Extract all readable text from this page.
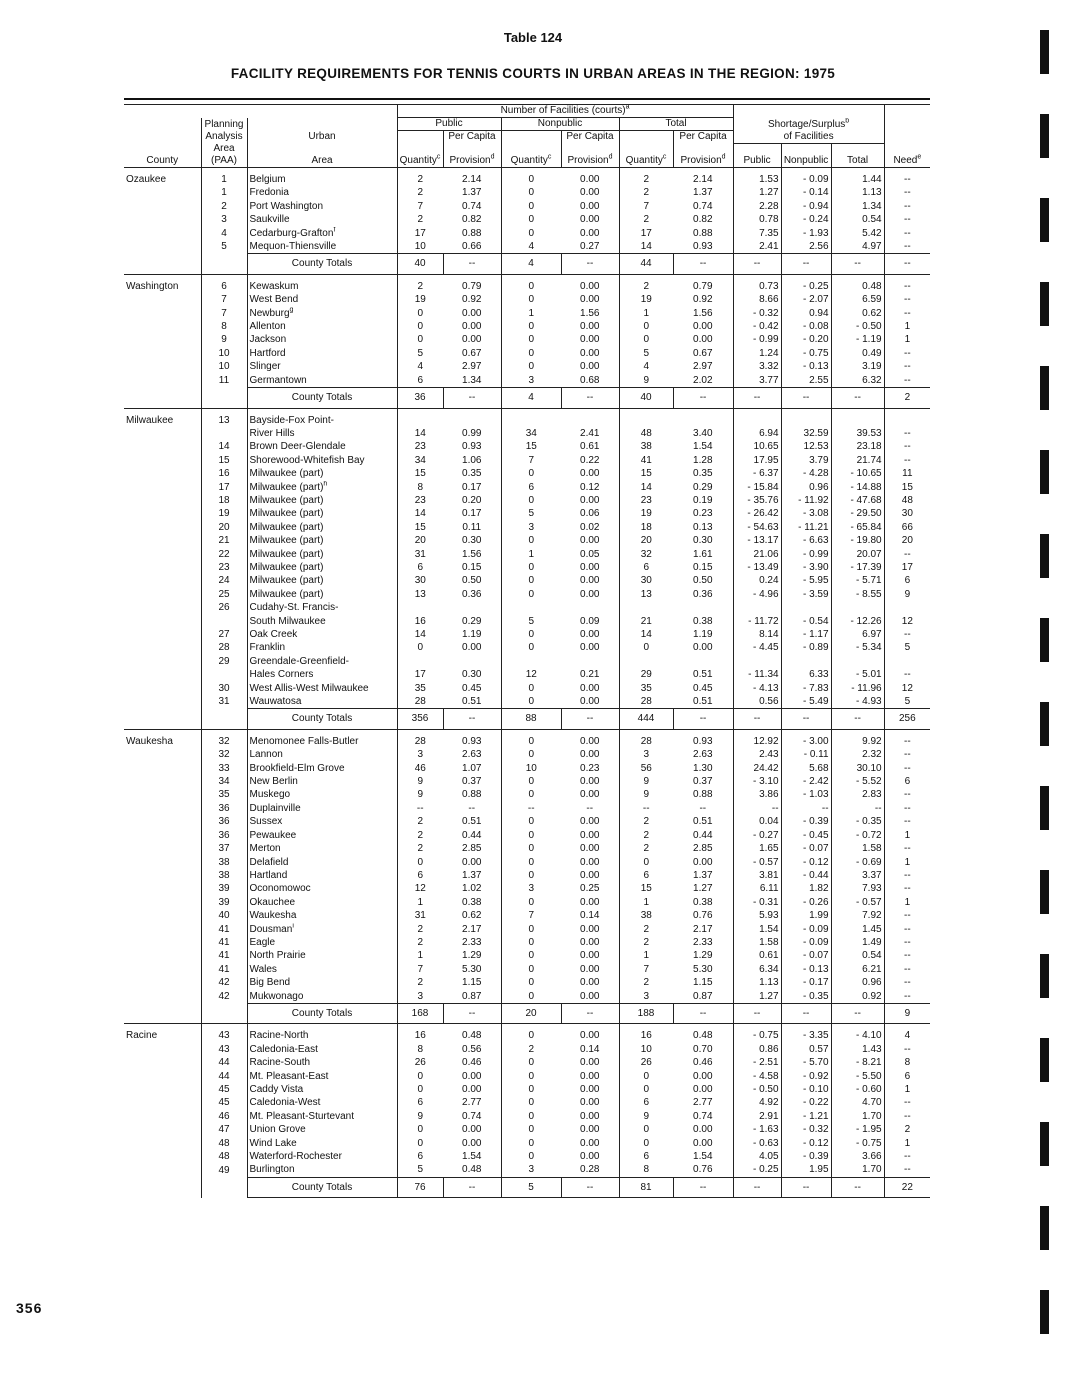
Table 124
FACILITY REQUIREMENTS FOR TENNIS COURTS IN URBAN AREAS IN THE REGION: 1975
			Number of Facilities (courts)$^a$		
	Planning		Public		Nonpublic		Total		Shortage/Surplus$^b$	
	Analysis	Urban		Per Capita		Per Capita		Per Capita	of Facilities			
County	Area
(PAA)	Area	Quantity$^c$	Provision$^d$	Quantity$^c$	Provision$^d$	Quantity$^c$	Provision$^d$	Public	Nonpublic	Total	Need$^e$

Ozaukee	1	Belgium	2	2.14	0	0.00	2	2.14	1.53	- 0.09	1.44	--
	1	Fredonia	2	1.37	0	0.00	2	1.37	1.27	- 0.14	1.13	--
	2	Port Washington	7	0.74	0	0.00	7	0.74	2.28	- 0.94	1.34	--
	3	Saukville	2	0.82	0	0.00	2	0.82	0.78	- 0.24	0.54	--
	4	Cedarburg-Grafton$^f$	17	0.88	0	0.00	17	0.88	7.35	- 1.93	5.42	--
	5	Mequon-Thiensville	10	0.66	4	0.27	14	0.93	2.41	2.56	4.97	--
		County Totals	40	--	4	--	44	--	--	--	--	--

Washington	6	Kewaskum	2	0.79	0	0.00	2	0.79	0.73	- 0.25	0.48	--
	7	West Bend	19	0.92	0	0.00	19	0.92	8.66	- 2.07	6.59	--
	7	Newburg$^g$	0	0.00	1	1.56	1	1.56	- 0.32	0.94	0.62	--
	8	Allenton	0	0.00	0	0.00	0	0.00	- 0.42	- 0.08	- 0.50	1
	9	Jackson	0	0.00	0	0.00	0	0.00	- 0.99	- 0.20	- 1.19	1
	10	Hartford	5	0.67	0	0.00	5	0.67	1.24	- 0.75	0.49	--
	10	Slinger	4	2.97	0	0.00	4	2.97	3.32	- 0.13	3.19	--
	11	Germantown	6	1.34	3	0.68	9	2.02	3.77	2.55	6.32	--
		County Totals	36	--	4	--	40	--	--	--	--	2

Milwaukee	13	Bayside-Fox Point-										
		River Hills	14	0.99	34	2.41	48	3.40	6.94	32.59	39.53	--
	14	Brown Deer-Glendale	23	0.93	15	0.61	38	1.54	10.65	12.53	23.18	--
	15	Shorewood-Whitefish Bay	34	1.06	7	0.22	41	1.28	17.95	3.79	21.74	--
	16	Milwaukee (part)	15	0.35	0	0.00	15	0.35	- 6.37	- 4.28	- 10.65	11
	17	Milwaukee (part)$^h$	8	0.17	6	0.12	14	0.29	- 15.84	0.96	- 14.88	15
	18	Milwaukee (part)	23	0.20	0	0.00	23	0.19	- 35.76	- 11.92	- 47.68	48
	19	Milwaukee (part)	14	0.17	5	0.06	19	0.23	- 26.42	- 3.08	- 29.50	30
	20	Milwaukee (part)	15	0.11	3	0.02	18	0.13	- 54.63	- 11.21	- 65.84	66
	21	Milwaukee (part)	20	0.30	0	0.00	20	0.30	- 13.17	- 6.63	- 19.80	20
	22	Milwaukee (part)	31	1.56	1	0.05	32	1.61	21.06	- 0.99	20.07	--
	23	Milwaukee (part)	6	0.15	0	0.00	6	0.15	- 13.49	- 3.90	- 17.39	17
	24	Milwaukee (part)	30	0.50	0	0.00	30	0.50	0.24	- 5.95	- 5.71	6
	25	Milwaukee (part)	13	0.36	0	0.00	13	0.36	- 4.96	- 3.59	- 8.55	9
	26	Cudahy-St. Francis-										
		South Milwaukee	16	0.29	5	0.09	21	0.38	- 11.72	- 0.54	- 12.26	12
	27	Oak Creek	14	1.19	0	0.00	14	1.19	8.14	- 1.17	6.97	--
	28	Franklin	0	0.00	0	0.00	0	0.00	- 4.45	- 0.89	- 5.34	5
	29	Greendale-Greenfield-										
		Hales Corners	17	0.30	12	0.21	29	0.51	- 11.34	6.33	- 5.01	--
	30	West Allis-West Milwaukee	35	0.45	0	0.00	35	0.45	- 4.13	- 7.83	- 11.96	12
	31	Wauwatosa	28	0.51	0	0.00	28	0.51	0.56	- 5.49	- 4.93	5
		County Totals	356	--	88	--	444	--	--	--	--	256

Waukesha	32	Menomonee Falls-Butler	28	0.93	0	0.00	28	0.93	12.92	- 3.00	9.92	--
	32	Lannon	3	2.63	0	0.00	3	2.63	2.43	- 0.11	2.32	--
	33	Brookfield-Elm Grove	46	1.07	10	0.23	56	1.30	24.42	5.68	30.10	--
	34	New Berlin	9	0.37	0	0.00	9	0.37	- 3.10	- 2.42	- 5.52	6
	35	Muskego	9	0.88	0	0.00	9	0.88	3.86	- 1.03	2.83	--
	36	Duplainville	--	--	--	--	--	--	--	--	--	--
	36	Sussex	2	0.51	0	0.00	2	0.51	0.04	- 0.39	- 0.35	--
	36	Pewaukee	2	0.44	0	0.00	2	0.44	- 0.27	- 0.45	- 0.72	1
	37	Merton	2	2.85	0	0.00	2	2.85	1.65	- 0.07	1.58	--
	38	Delafield	0	0.00	0	0.00	0	0.00	- 0.57	- 0.12	- 0.69	1
	38	Hartland	6	1.37	0	0.00	6	1.37	3.81	- 0.44	3.37	--
	39	Oconomowoc	12	1.02	3	0.25	15	1.27	6.11	1.82	7.93	--
	39	Okauchee	1	0.38	0	0.00	1	0.38	- 0.31	- 0.26	- 0.57	1
	40	Waukesha	31	0.62	7	0.14	38	0.76	5.93	1.99	7.92	--
	41	Dousman$^i$	2	2.17	0	0.00	2	2.17	1.54	- 0.09	1.45	--
	41	Eagle	2	2.33	0	0.00	2	2.33	1.58	- 0.09	1.49	--
	41	North Prairie	1	1.29	0	0.00	1	1.29	0.61	- 0.07	0.54	--
	41	Wales	7	5.30	0	0.00	7	5.30	6.34	- 0.13	6.21	--
	42	Big Bend	2	1.15	0	0.00	2	1.15	1.13	- 0.17	0.96	--
	42	Mukwonago	3	0.87	0	0.00	3	0.87	1.27	- 0.35	0.92	--
		County Totals	168	--	20	--	188	--	--	--	--	9

Racine	43	Racine-North	16	0.48	0	0.00	16	0.48	- 0.75	- 3.35	- 4.10	4
	43	Caledonia-East	8	0.56	2	0.14	10	0.70	0.86	0.57	1.43	--
	44	Racine-South	26	0.46	0	0.00	26	0.46	- 2.51	- 5.70	- 8.21	8
	44	Mt. Pleasant-East	0	0.00	0	0.00	0	0.00	- 4.58	- 0.92	- 5.50	6
	45	Caddy Vista	0	0.00	0	0.00	0	0.00	- 0.50	- 0.10	- 0.60	1
	45	Caledonia-West	6	2.77	0	0.00	6	2.77	4.92	- 0.22	4.70	--
	46	Mt. Pleasant-Sturtevant	9	0.74	0	0.00	9	0.74	2.91	- 1.21	1.70	--
	47	Union Grove	0	0.00	0	0.00	0	0.00	- 1.63	- 0.32	- 1.95	2
	48	Wind Lake	0	0.00	0	0.00	0	0.00	- 0.63	- 0.12	- 0.75	1
	48	Waterford-Rochester	6	1.54	0	0.00	6	1.54	4.05	- 0.39	3.66	--
	49	Burlington	5	0.48	3	0.28	8	0.76	- 0.25	1.95	1.70	--
		County Totals	76	--	5	--	81	--	--	--	--	22

356
